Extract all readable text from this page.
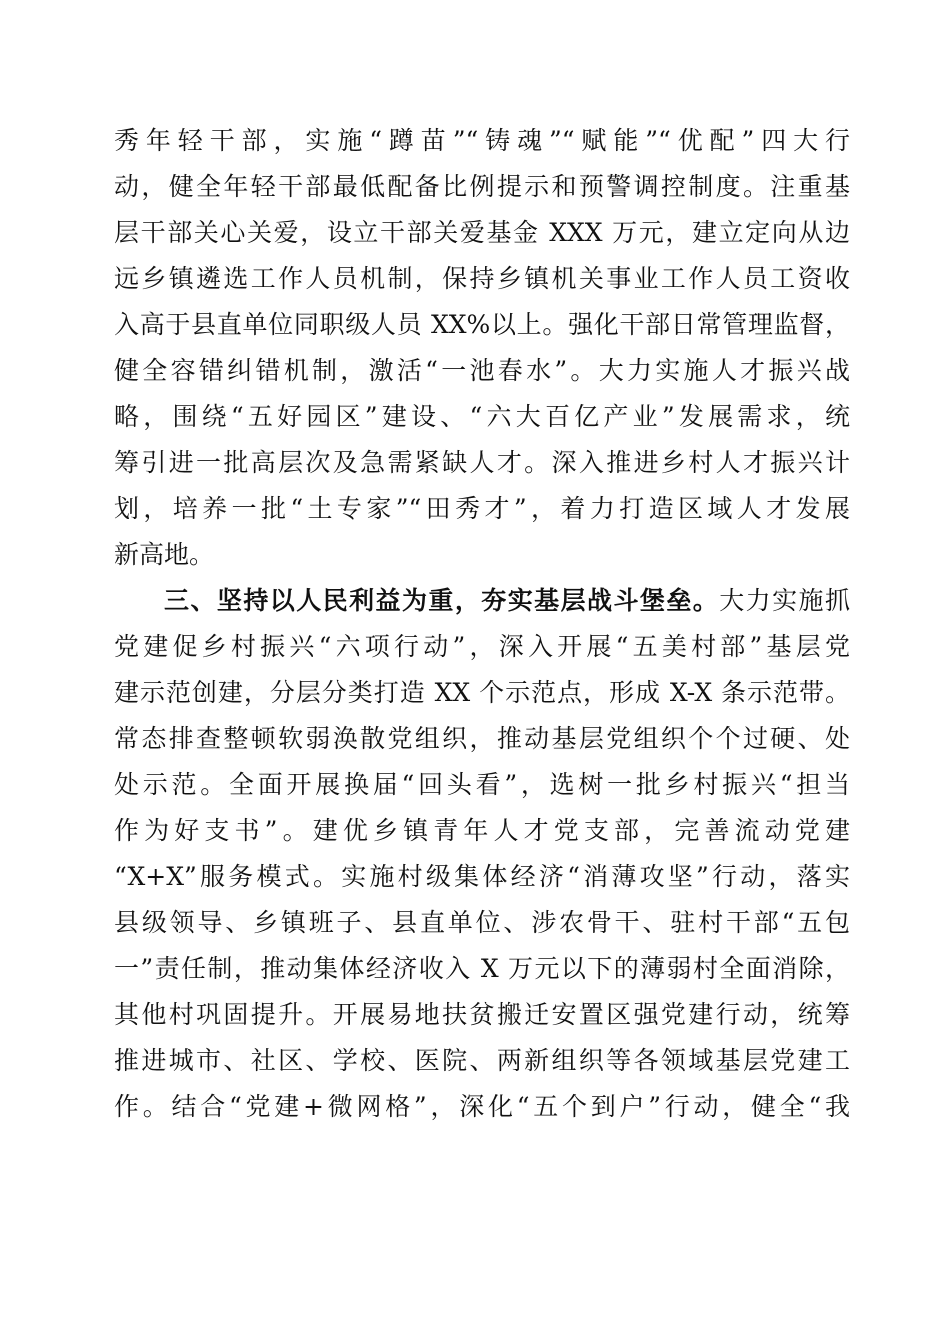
秀年轻干部，实施“蹲苗”“铸魂”“赋能”“优配”四大行
动，健全年轻干部最低配备比例提示和预警调控制度。注重基
层干部关心关爱，设立干部关爱基金 XXX 万元，建立定向从边
远乡镇遴选工作人员机制，保持乡镇机关事业工作人员工资收
入高于县直单位同职级人员 XX%以上。强化干部日常管理监督，
健全容错纠错机制，激活“一池春水”。大力实施人才振兴战
略，围绕“五好园区”建设、“六大百亿产业”发展需求，统
筹引进一批高层次及急需紧缺人才。深入推进乡村人才振兴计
划，培养一批“土专家”“田秀才”，着力打造区域人才发展
新高地。
三、坚持以人民利益为重，夯实基层战斗堡垒。大力实施抓
党建促乡村振兴“六项行动”，深入开展“五美村部”基层党
建示范创建，分层分类打造 XX 个示范点，形成 X-X 条示范带。
常态排查整顿软弱涣散党组织，推动基层党组织个个过硬、处
处示范。全面开展换届“回头看”，选树一批乡村振兴“担当
作为好支书”。建优乡镇青年人才党支部，完善流动党建
“X+X”服务模式。实施村级集体经济“消薄攻坚”行动，落实
县级领导、乡镇班子、县直单位、涉农骨干、驻村干部“五包
一”责任制，推动集体经济收入 X 万元以下的薄弱村全面消除，
其他村巩固提升。开展易地扶贫搬迁安置区强党建行动，统筹
推进城市、社区、学校、医院、两新组织等各领域基层党建工
作。结合“党建+微网格”，深化“五个到户”行动，健全“我
